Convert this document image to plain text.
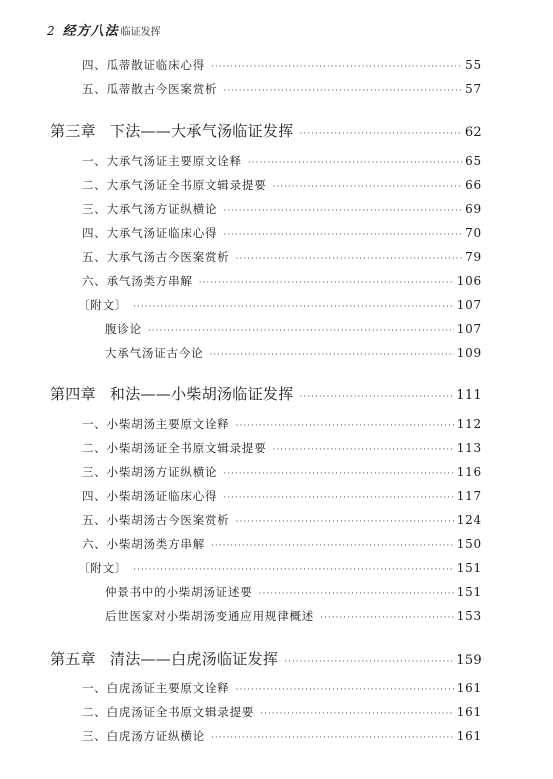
2 经方八法 临证发挥
四、瓜蒂散证临床心得 ·····	55
五、瓜蒂散古今医案赏析 ·····	57
第三章 下法——大承气汤临证发挥 ·····	62
一、大承气汤证主要原文诠释 ·····	65
二、大承气汤证全书原文辑录提要 ·····	66
三、大承气汤方证纵横论 ·····	69
四、大承气汤证临床心得 ·····	70
五、大承气汤古今医案赏析 ·····	79
六、承气汤类方串解 ·····	106
〔附文〕 ·····	107
腹诊论 ·····	107
大承气汤证古今论 ·····	109
第四章 和法——小柴胡汤临证发挥 ·····	111
一、小柴胡汤主要原文诠释 ·····	112
二、小柴胡汤证全书原文辑录提要 ·····	113
三、小柴胡汤方证纵横论 ·····	116
四、小柴胡汤证临床心得 ·····	117
五、小柴胡汤古今医案赏析 ·····	124
六、小柴胡汤类方串解 ·····	150
〔附文〕 ·····	151
仲景书中的小柴胡汤证述要 ·····	151
后世医家对小柴胡汤变通应用规律概述 ·····	153
第五章 清法——白虎汤临证发挥 ·····	159
一、白虎汤证主要原文诠释 ·····	161
二、白虎汤证全书原文辑录提要 ·····	161
三、白虎汤方证纵横论 ·····	161
